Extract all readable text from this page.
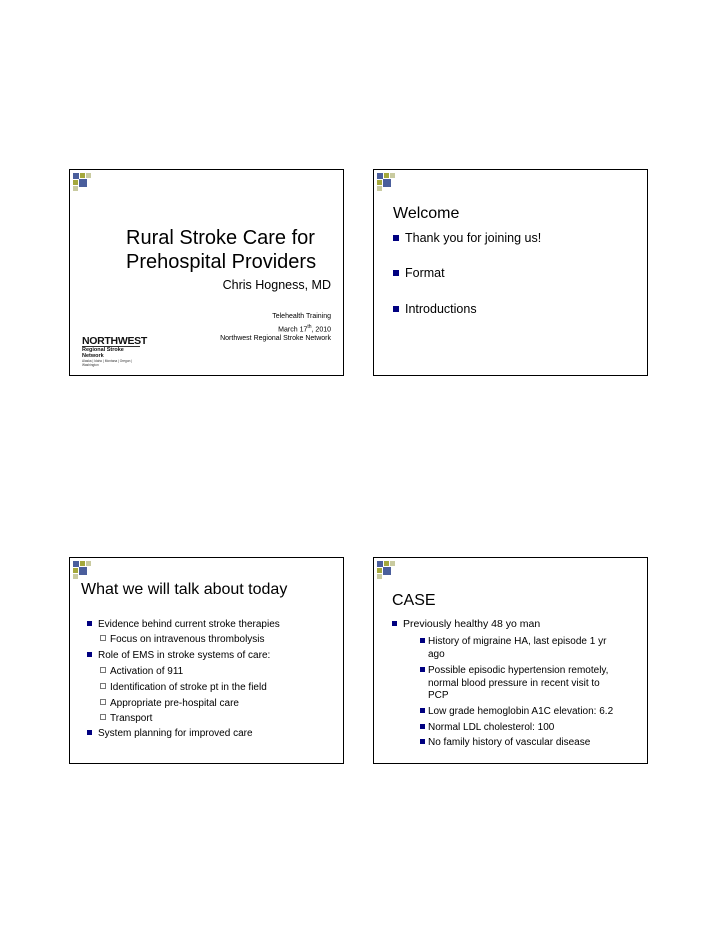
Rural Stroke Care for
Prehospital Providers
Chris Hogness, MD
Telehealth Training
March 17th, 2010
Northwest Regional Stroke Network
NORTHWEST
Regional Stroke Network
Alaska | Idaho | Montana | Oregon | Washington
Welcome
Thank you for joining us!
Format
Introductions
What we will talk about today
Evidence behind current stroke therapies
Focus on intravenous thrombolysis
Role of EMS in stroke systems of care:
Activation of 911
Identification of stroke pt in the field
Appropriate pre-hospital care
Transport
System planning for improved care
CASE
Previously healthy 48 yo man
History of migraine HA, last episode 1 yr
ago
Possible episodic hypertension remotely,
normal blood pressure in recent visit to
PCP
Low grade hemoglobin A1C elevation: 6.2
Normal LDL cholesterol: 100
No family history of vascular disease
